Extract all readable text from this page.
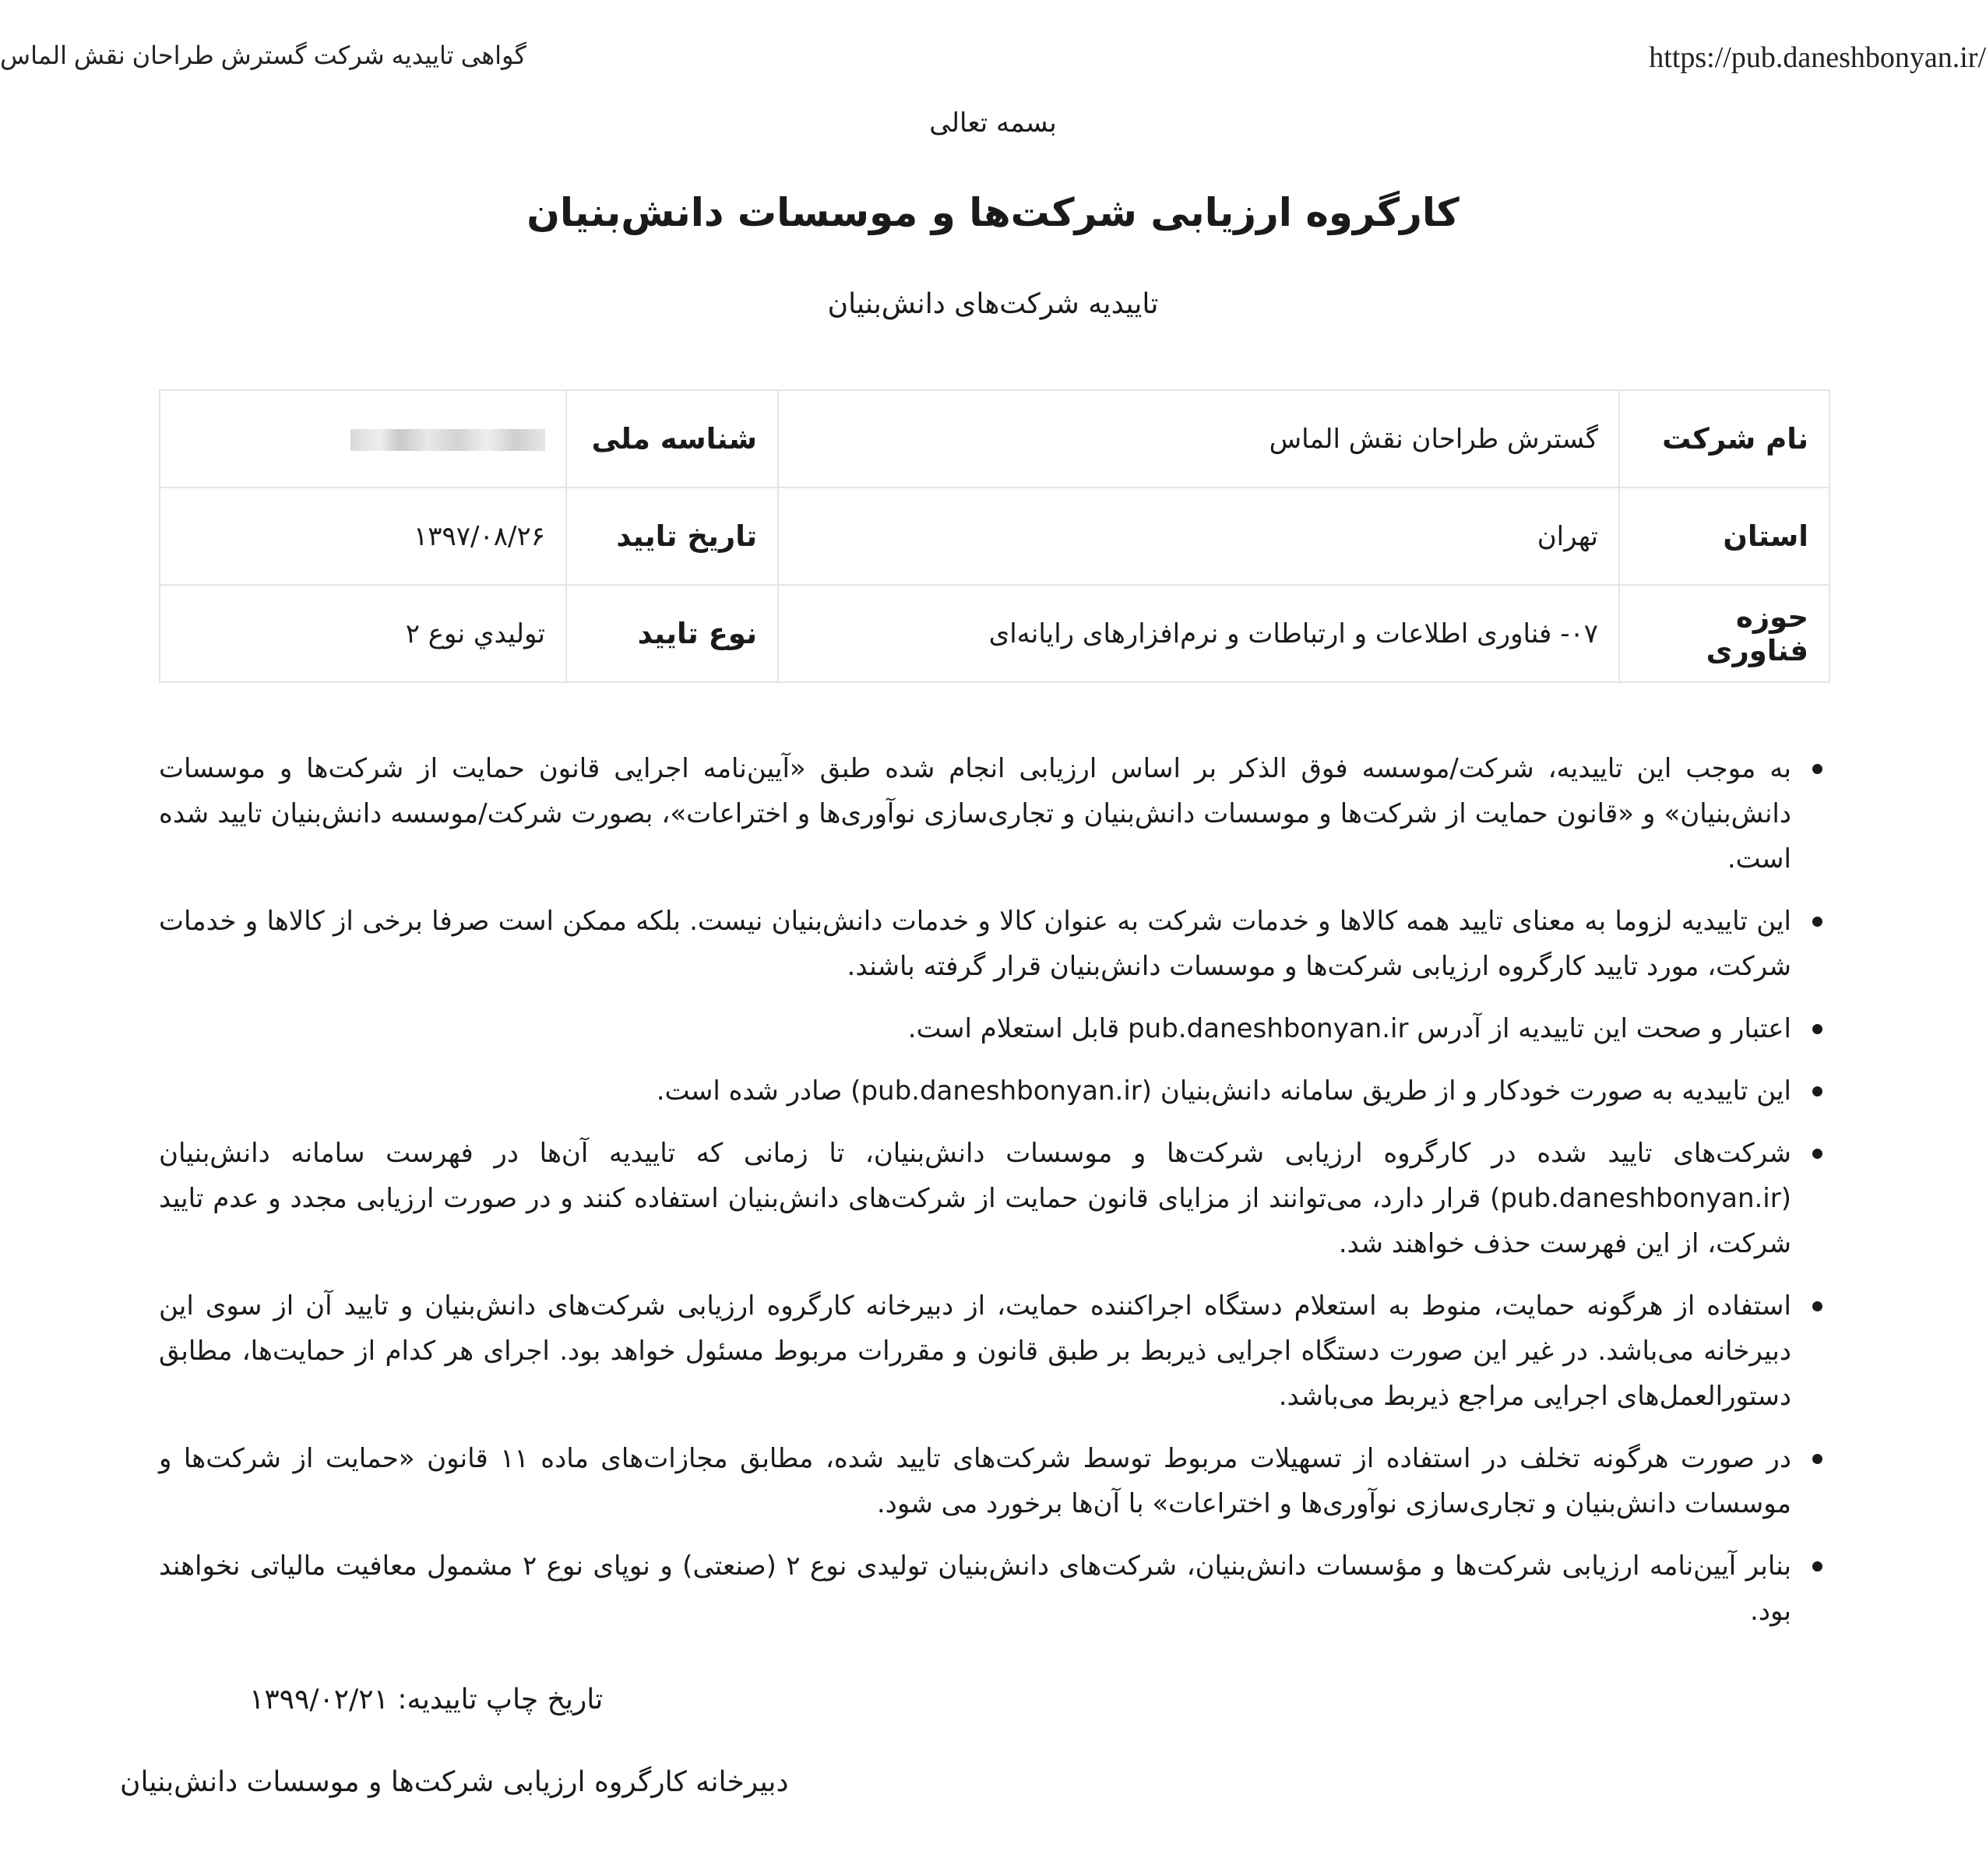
https://pub.daneshbonyan.ir/
گواهی تاییدیه شرکت گسترش طراحان نقش الماس
بسمه تعالی
کارگروه ارزیابی شرکت‌ها و موسسات دانش‌بنیان
تاییدیه شرکت‌های دانش‌بنیان
نام شرکت	گسترش طراحان نقش الماس	شناسه ملی	
استان	تهران	تاریخ تایید	۱۳۹۷/۰۸/۲۶
حوزه فناوری	۰۷- فناوری اطلاعات و ارتباطات و نرم‌افزارهای رایانه‌ای	نوع تایید	توليدي نوع ۲
به موجب این تاییدیه، شرکت/موسسه فوق الذکر بر اساس ارزیابی انجام شده طبق «آیین‌نامه اجرایی قانون حمایت از شرکت‌ها و موسسات دانش‌بنیان» و «قانون حمایت از شرکت‌ها و موسسات دانش‌بنیان و تجاری‌سازی نوآوری‌ها و اختراعات»، بصورت شرکت/موسسه دانش‌بنیان تایید شده است.
این تاییدیه لزوما به معنای تایید همه کالاها و خدمات شرکت به عنوان کالا و خدمات دانش‌بنیان نیست. بلکه ممکن است صرفا برخی از کالاها و خدمات شرکت، مورد تایید کارگروه ارزیابی شرکت‌ها و موسسات دانش‌بنیان قرار گرفته باشند.
اعتبار و صحت این تاییدیه از آدرس pub.daneshbonyan.ir قابل استعلام است.
این تاییدیه به صورت خودکار و از طریق سامانه دانش‌بنیان (pub.daneshbonyan.ir) صادر شده است.
شرکت‌های تایید شده در کارگروه ارزیابی شرکت‌ها و موسسات دانش‌بنیان، تا زمانی که تاییدیه آن‌ها در فهرست سامانه دانش‌بنیان (pub.daneshbonyan.ir) قرار دارد، می‌توانند از مزایای قانون حمایت از شرکت‌های دانش‌بنیان استفاده کنند و در صورت ارزیابی مجدد و عدم تایید شرکت، از این فهرست حذف خواهند شد.
استفاده از هرگونه حمایت، منوط به استعلام دستگاه اجراکننده حمایت، از دبیرخانه کارگروه ارزیابی شرکت‌های دانش‌بنیان و تایید آن از سوی این دبیرخانه می‌باشد. در غیر این صورت دستگاه اجرایی ذیربط بر طبق قانون و مقررات مربوط مسئول خواهد بود. اجرای هر کدام از حمایت‌ها، مطابق دستورالعمل‌های اجرایی مراجع ذیربط می‌باشد.
در صورت هرگونه تخلف در استفاده از تسهیلات مربوط توسط شرکت‌های تایید شده، مطابق مجازات‌های ماده ۱۱ قانون «حمایت از شرکت‌ها و موسسات دانش‌بنیان و تجاری‌سازی نوآوری‌ها و اختراعات» با آن‌ها برخورد می شود.
بنابر آیین‌نامه ارزیابی شرکت‌ها و مؤسسات دانش‌بنیان، شرکت‌های دانش‌بنیان تولیدی نوع ۲ (صنعتی) و نوپای نوع ۲ مشمول معافیت مالیاتی نخواهند بود.
تاریخ چاپ تاییدیه: ۱۳۹۹/۰۲/۲۱
دبیرخانه کارگروه ارزیابی شرکت‌ها و موسسات دانش‌بنیان
